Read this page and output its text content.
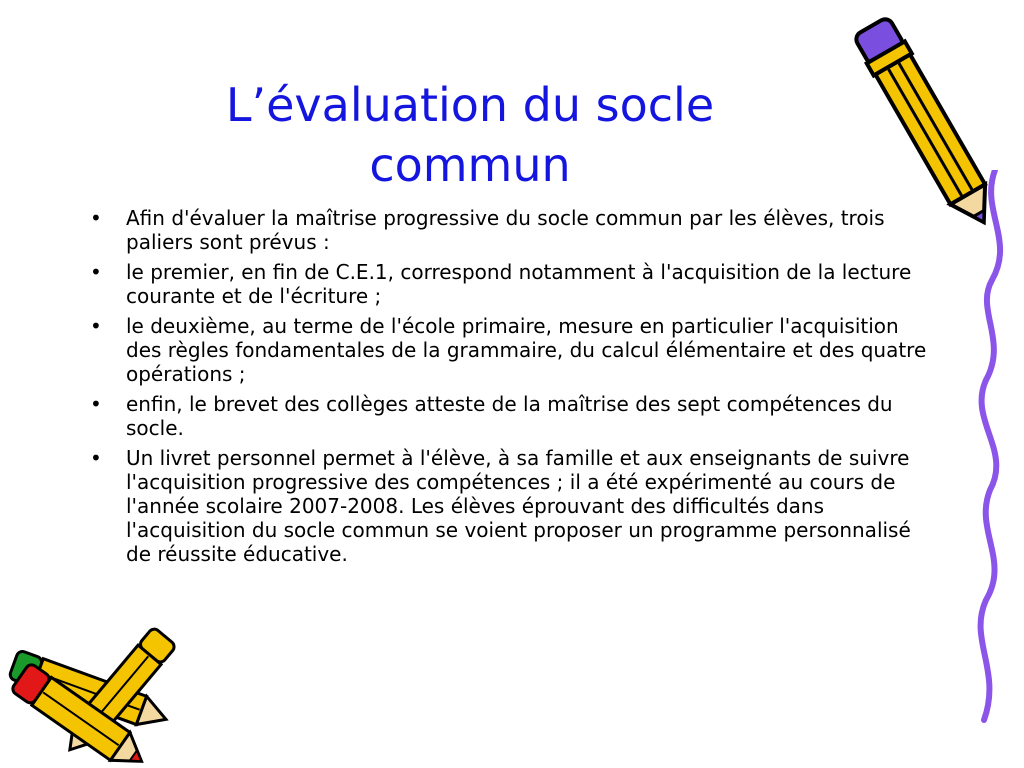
L’évaluation du socle
commun
• Afin d'évaluer la maîtrise progressive du socle commun par les élèves, trois paliers sont prévus :
• le premier, en fin de C.E.1, correspond notamment à l'acquisition de la lecture courante et de l'écriture ;
• le deuxième, au terme de l'école primaire, mesure en particulier l'acquisition des règles fondamentales de la grammaire, du calcul élémentaire et des quatre opérations ;
• enfin, le brevet des collèges atteste de la maîtrise des sept compétences du socle.
• Un livret personnel permet à l'élève, à sa famille et aux enseignants de suivre l'acquisition progressive des compétences ; il a été expérimenté au cours de l'année scolaire 2007-2008. Les élèves éprouvant des difficultés dans l'acquisition du socle commun se voient proposer un programme personnalisé de réussite éducative.
